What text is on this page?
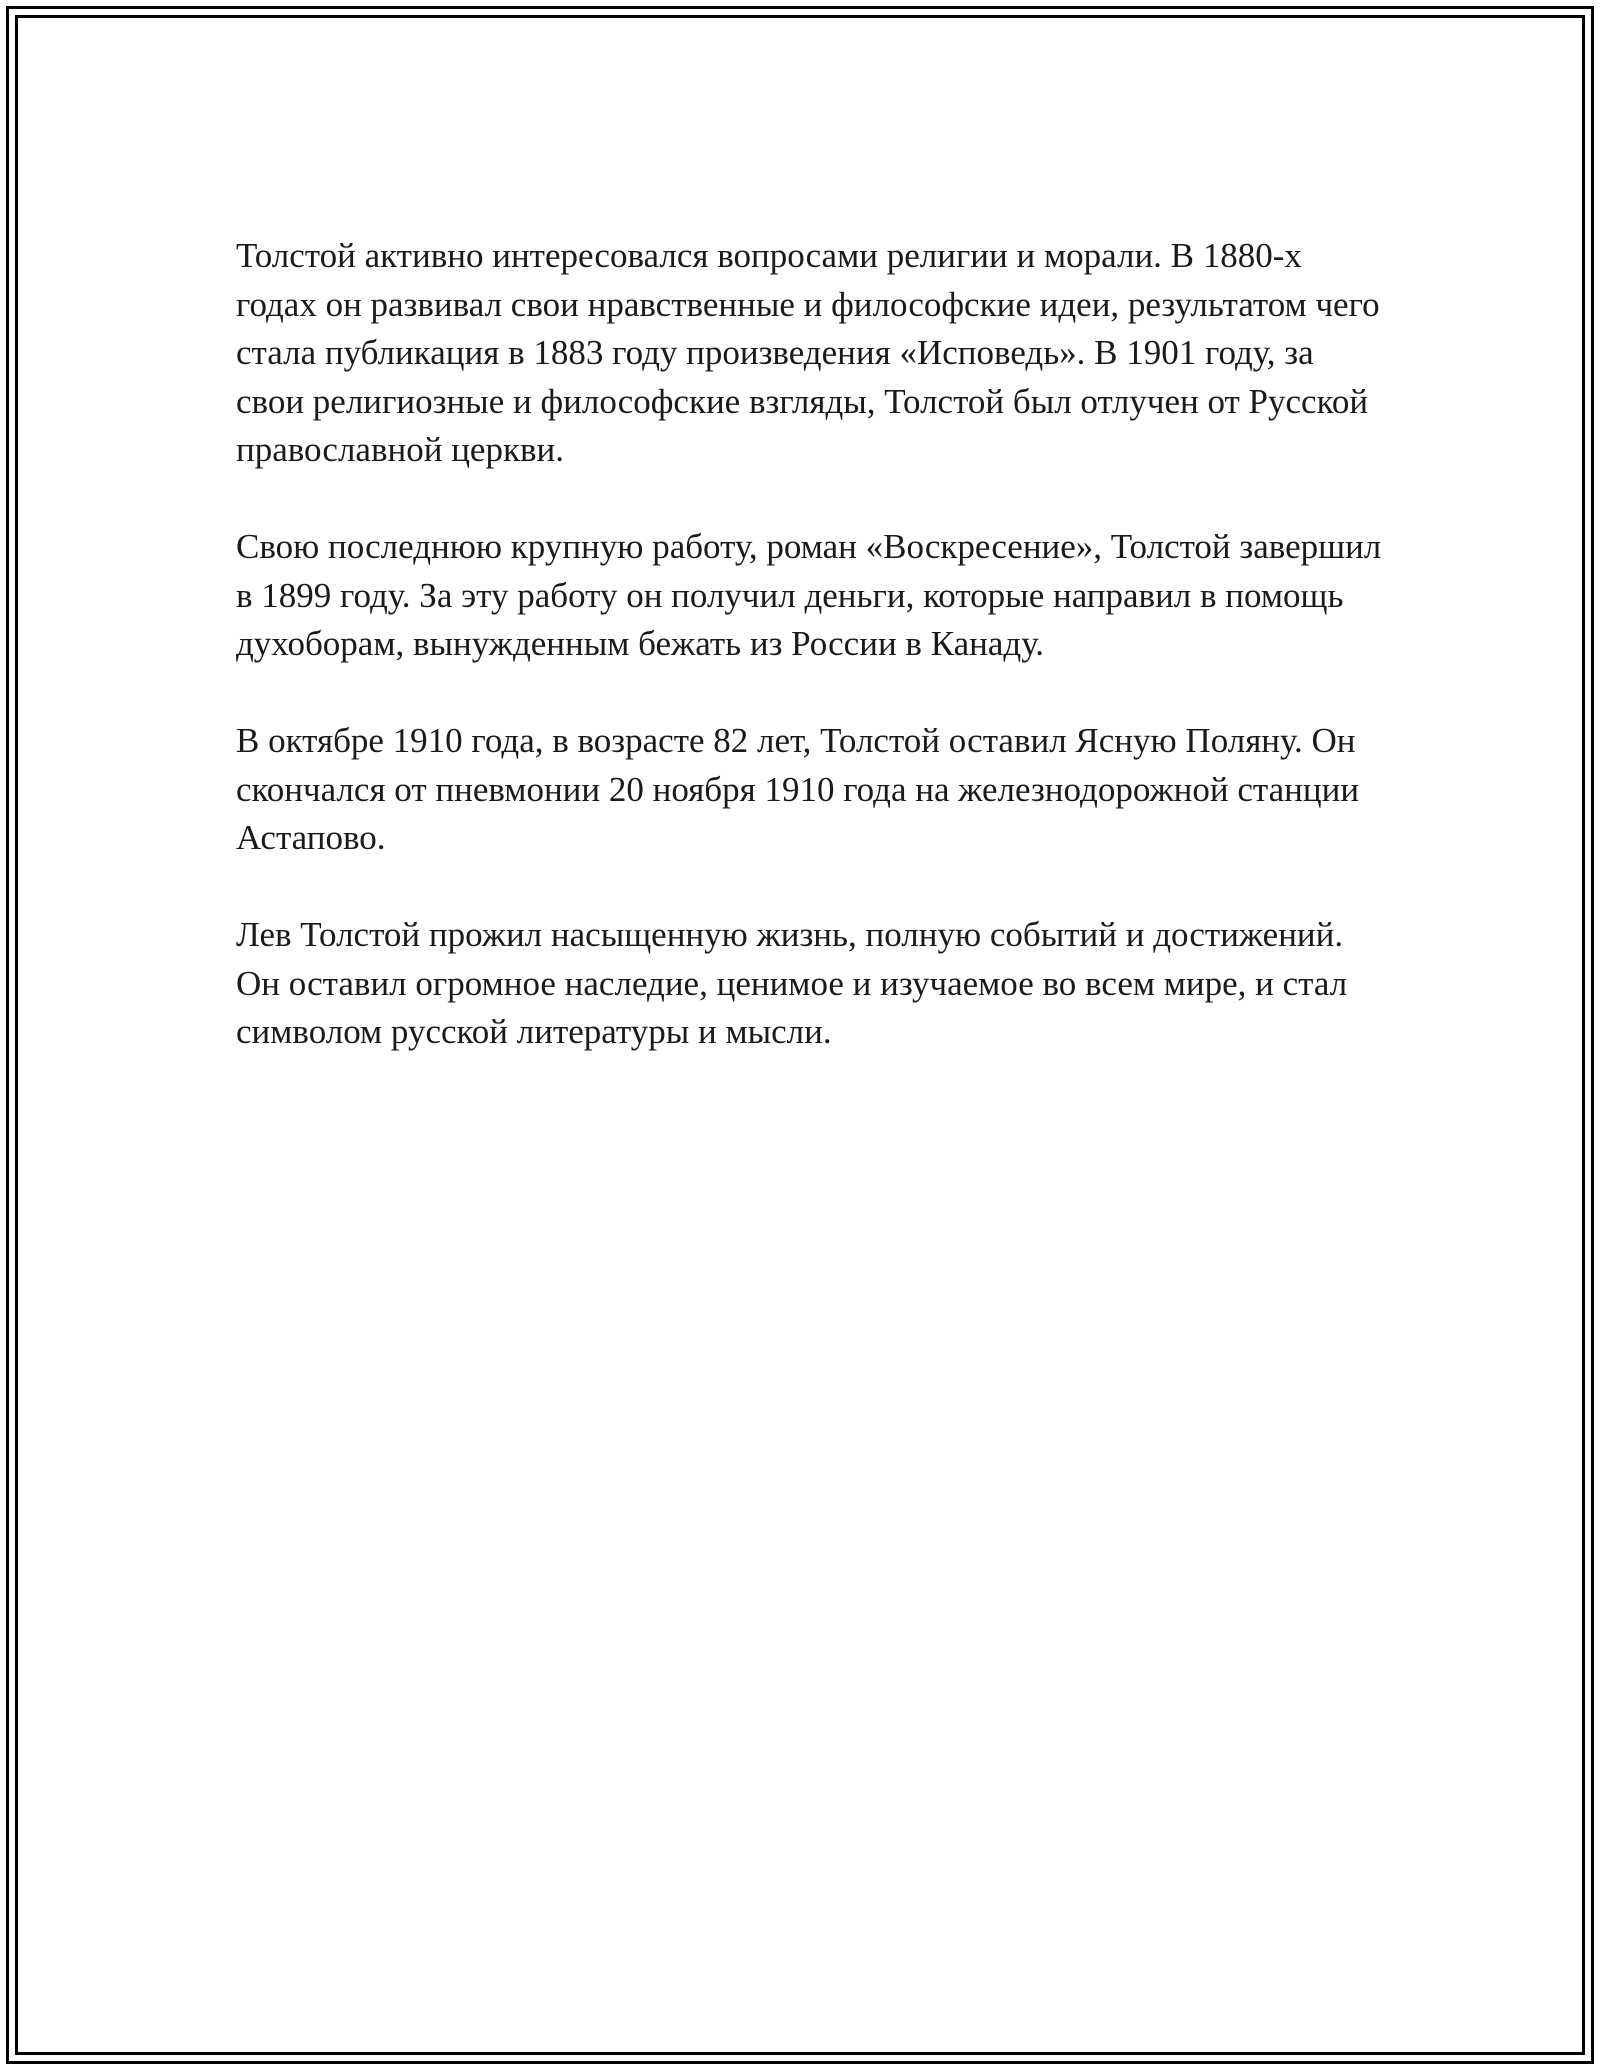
Толстой активно интересовался вопросами религии и морали. В 1880-х годах он развивал свои нравственные и философские идеи, результатом чего стала публикация в 1883 году произведения «Исповедь». В 1901 году, за свои религиозные и философские взгляды, Толстой был отлучен от Русской православной церкви.

Свою последнюю крупную работу, роман «Воскресение», Толстой завершил в 1899 году. За эту работу он получил деньги, которые направил в помощь духоборам, вынужденным бежать из России в Канаду.

В октябре 1910 года, в возрасте 82 лет, Толстой оставил Ясную Поляну. Он скончался от пневмонии 20 ноября 1910 года на железнодорожной станции Астапово.

Лев Толстой прожил насыщенную жизнь, полную событий и достижений. Он оставил огромное наследие, ценимое и изучаемое во всем мире, и стал символом русской литературы и мысли.
